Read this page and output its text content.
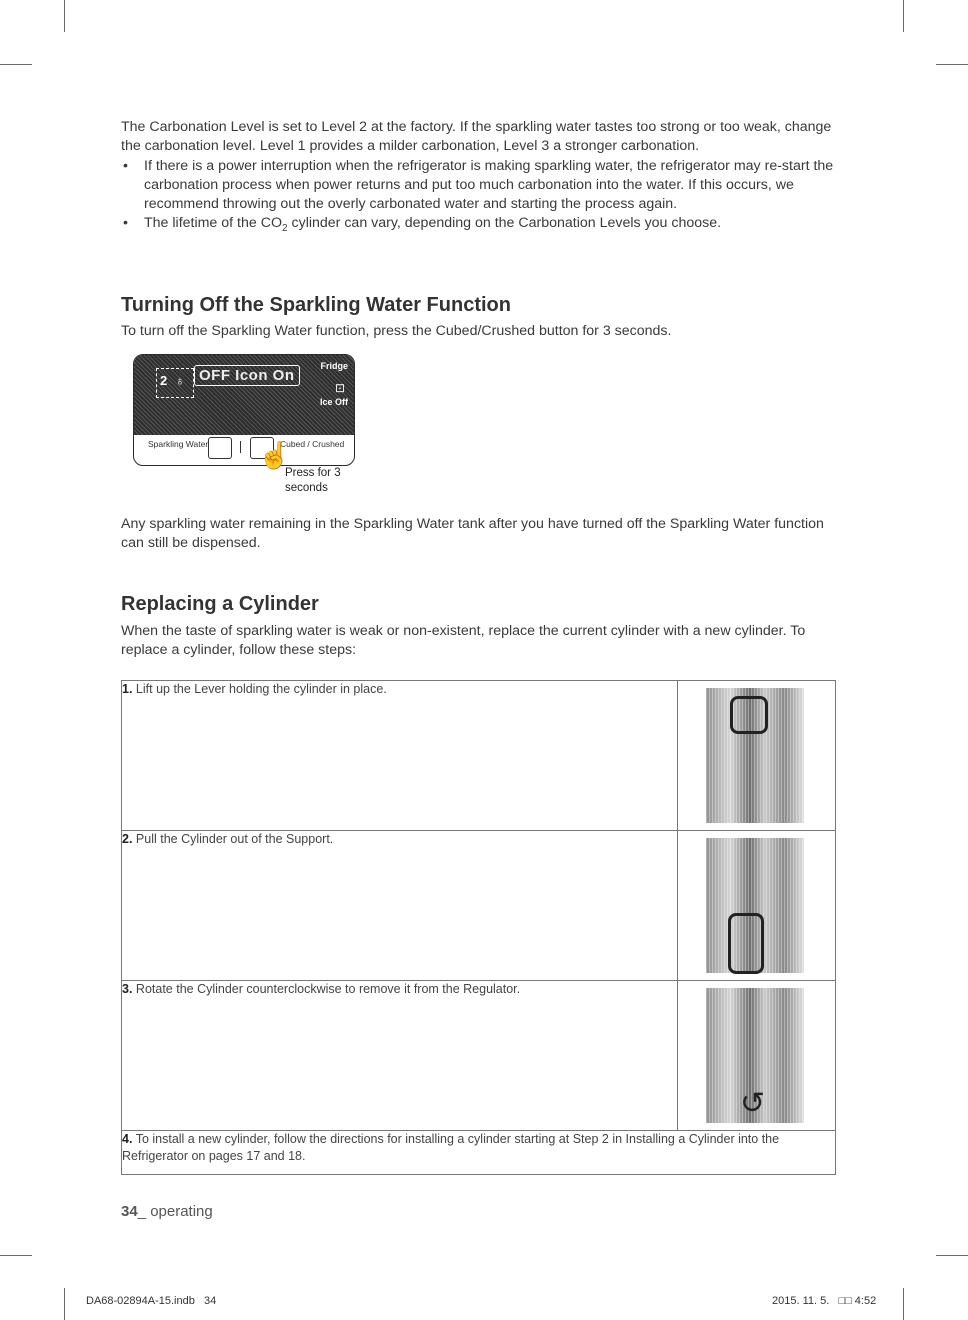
The Carbonation Level is set to Level 2 at the factory. If the sparkling water tastes too strong or too weak, change the carbonation level. Level 1 provides a milder carbonation, Level 3 a stronger carbonation.

• If there is a power interruption when the refrigerator is making sparkling water, the refrigerator may re-start the carbonation process when power returns and put too much carbonation into the water. If this occurs, we recommend throwing out the overly carbonated water and starting the process again.
• The lifetime of the $CO_2$ cylinder can vary, depending on the Carbonation Levels you choose.
Turning Off the Sparkling Water Function

To turn off the Sparkling Water function, press the Cubed/Crushed button for 3 seconds.

2 ♁ OFF Icon On
Fridge
⊡
Ice Off
Sparkling Water	Cubed / Crushed
☝
Press for 3
seconds

Any sparkling water remaining in the Sparkling Water tank after you have turned off the Sparkling Water function can still be dispensed.

Replacing a Cylinder

When the taste of sparkling water is weak or non-existent, replace the current cylinder with a new cylinder. To replace a cylinder, follow these steps:

1. Lift up the Lever holding the cylinder in place.	

2. Pull the Cylinder out of the Support.	

3. Rotate the Cylinder counterclockwise to remove it from the Regulator.	↺

4. To install a new cylinder, follow the directions for installing a cylinder starting at Step 2 in Installing a Cylinder into the Refrigerator on pages 17 and 18.	
34_ operating
DA68-02894A-15.indb   34	2015. 11. 5.   □□ 4:52
